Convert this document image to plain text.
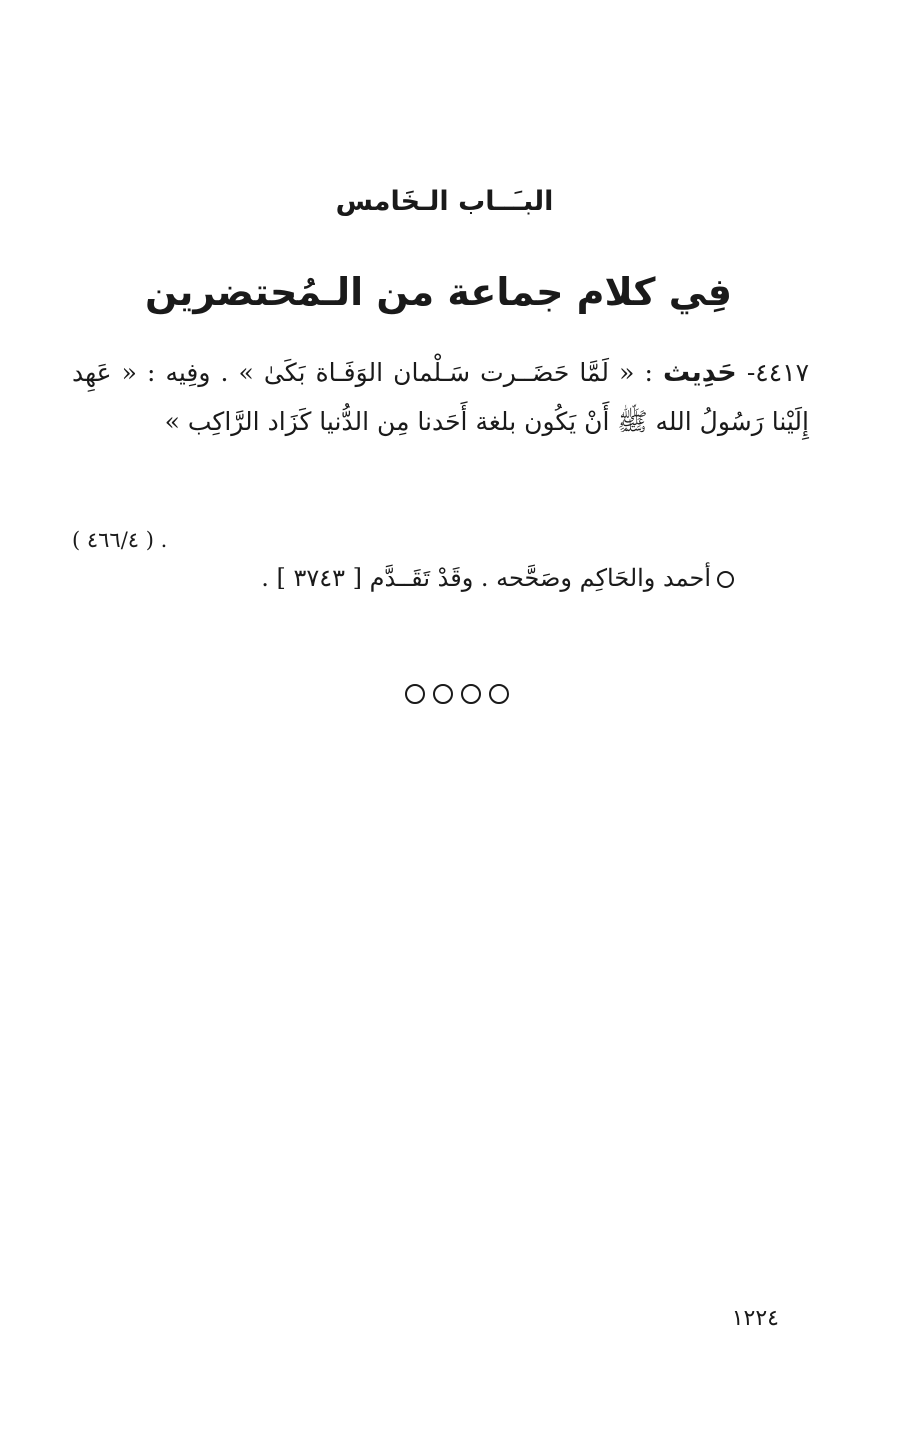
البـَــاب الـخَامس
فِي كلام جماعة من الـمُحتضرين
٤٤١٧- حَدِيث : « لَمَّا حَضَــرت سَـلْمان الوَفَـاة بَكَىٰ » . وفِيه : « عَهِد إِلَيْنا رَسُولُ الله ﷺ أَنْ يَكُون بلغة أَحَدنا مِن الدُّنيا كَزَاد الرَّاكِب »
( ٤٦٦/٤ ) .
أحمد والحَاكِم وصَحَّحه . وقَدْ تَقَــدَّم [ ٣٧٤٣ ] .
١٢٢٤
